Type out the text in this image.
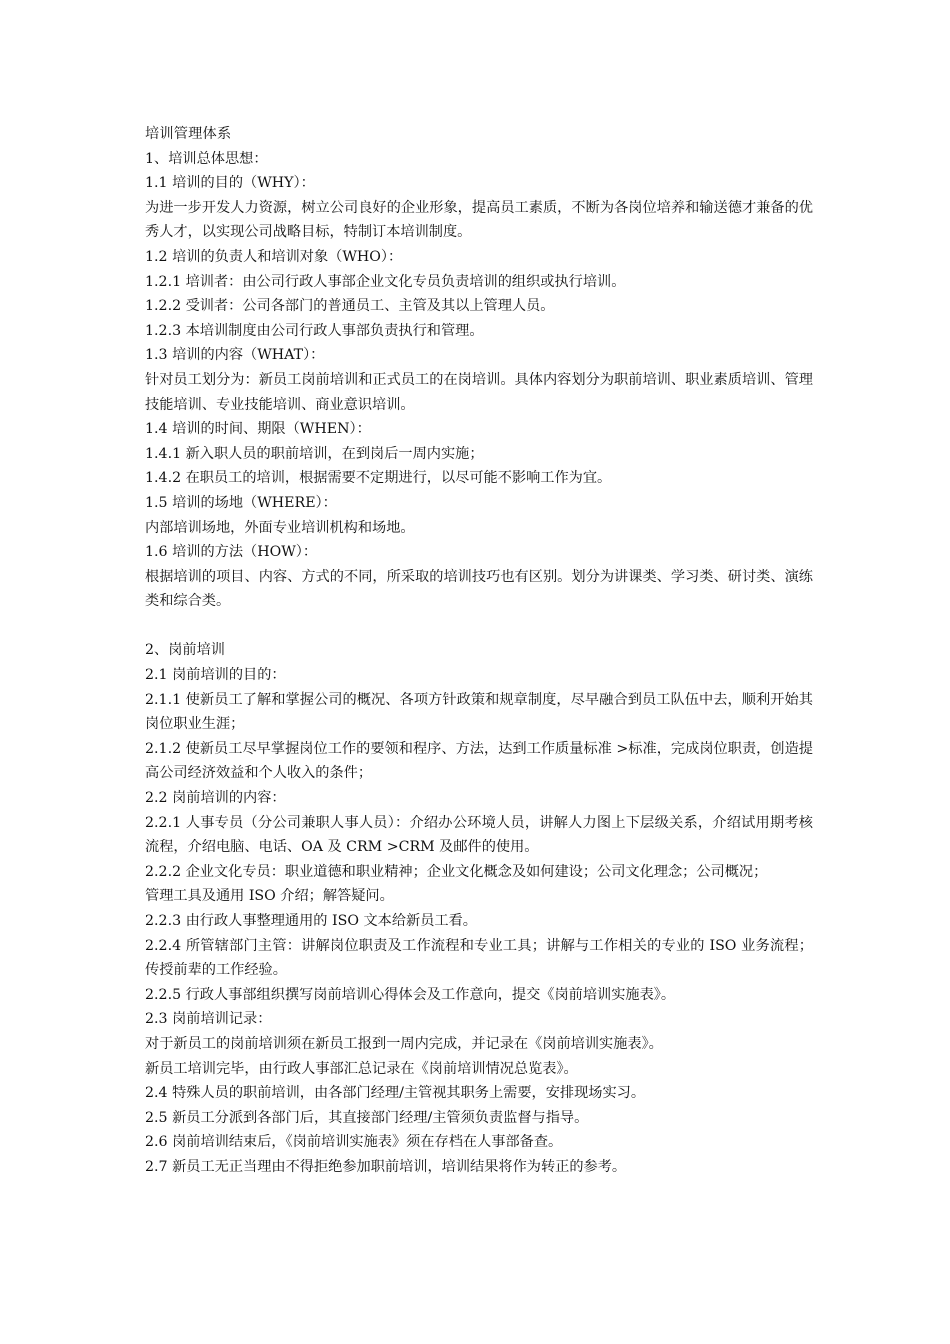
培训管理体系

1、培训总体思想：

1.1 培训的目的（WHY）：

为进一步开发人力资源，树立公司良好的企业形象，提高员工素质，不断为各岗位培养和输送德才兼备的优秀人才，以实现公司战略目标，特制订本培训制度。

1.2 培训的负责人和培训对象（WHO）：

1.2.1 培训者：由公司行政人事部企业文化专员负责培训的组织或执行培训。

1.2.2 受训者：公司各部门的普通员工、主管及其以上管理人员。

1.2.3 本培训制度由公司行政人事部负责执行和管理。

1.3 培训的内容（WHAT）：

针对员工划分为：新员工岗前培训和正式员工的在岗培训。具体内容划分为职前培训、职业素质培训、管理技能培训、专业技能培训、商业意识培训。

1.4 培训的时间、期限（WHEN）：

1.4.1 新入职人员的职前培训，在到岗后一周内实施；

1.4.2 在职员工的培训，根据需要不定期进行，以尽可能不影响工作为宜。

1.5 培训的场地（WHERE）：

内部培训场地，外面专业培训机构和场地。

1.6 培训的方法（HOW）：

根据培训的项目、内容、方式的不同，所采取的培训技巧也有区别。划分为讲课类、学习类、研讨类、演练类和综合类。

2、岗前培训

2.1 岗前培训的目的：

2.1.1 使新员工了解和掌握公司的概况、各项方针政策和规章制度，尽早融合到员工队伍中去，顺利开始其岗位职业生涯；

2.1.2 使新员工尽早掌握岗位工作的要领和程序、方法，达到工作质量标准 >标准，完成岗位职责，创造提高公司经济效益和个人收入的条件；

2.2 岗前培训的内容：

2.2.1 人事专员（分公司兼职人事人员）：介绍办公环境人员，讲解人力图上下层级关系，介绍试用期考核流程，介绍电脑、电话、OA 及 CRM >CRM 及邮件的使用。

2.2.2 企业文化专员：职业道德和职业精神；企业文化概念及如何建设；公司文化理念；公司概况；

管理工具及通用 ISO 介绍；解答疑问。

2.2.3 由行政人事整理通用的 ISO 文本给新员工看。

2.2.4 所管辖部门主管：讲解岗位职责及工作流程和专业工具；讲解与工作相关的专业的 ISO 业务流程；传授前辈的工作经验。

2.2.5 行政人事部组织撰写岗前培训心得体会及工作意向，提交《岗前培训实施表》。

2.3 岗前培训记录：

对于新员工的岗前培训须在新员工报到一周内完成，并记录在《岗前培训实施表》。

新员工培训完毕，由行政人事部汇总记录在《岗前培训情况总览表》。

2.4 特殊人员的职前培训，由各部门经理/主管视其职务上需要，安排现场实习。

2.5 新员工分派到各部门后，其直接部门经理/主管须负责监督与指导。

2.6 岗前培训结束后，《岗前培训实施表》须在存档在人事部备查。

2.7 新员工无正当理由不得拒绝参加职前培训，培训结果将作为转正的参考。
